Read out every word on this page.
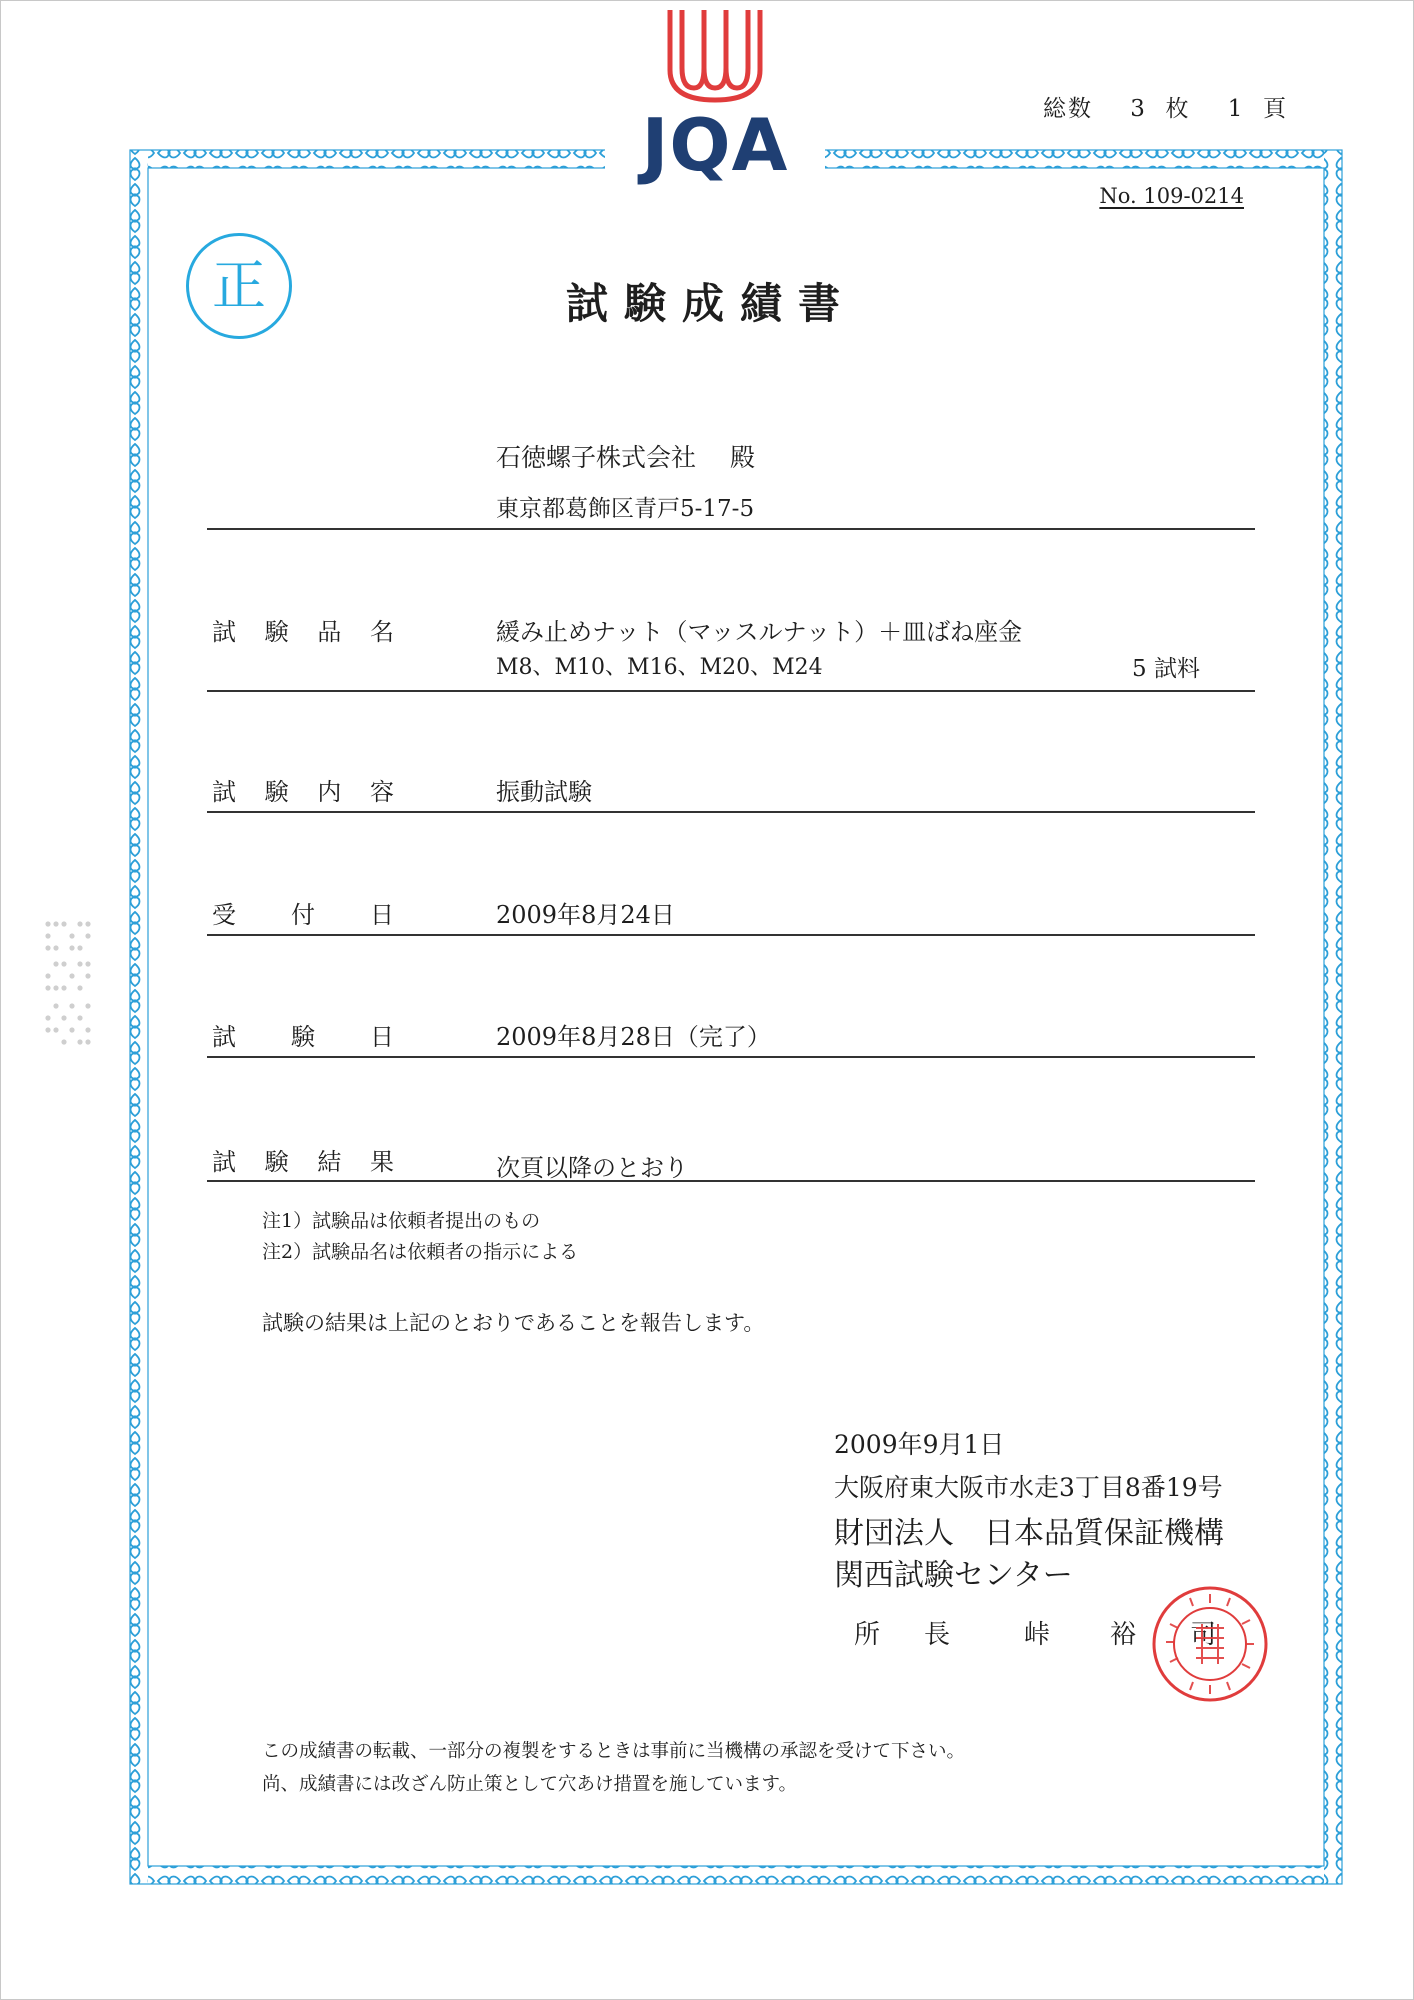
JQA	総数 3 枚 1 頁
No. 109-0214
正	試験成績書
石徳螺子株式会社 殿
東京都葛飾区青戸5-17-5
試 験 品 名	緩み止めナット（マッスルナット）＋皿ばね座金
M8、M10、M16、M20、M24	5 試料
試 験 内 容	振動試験
受 付 日	2009年8月24日
試 験 日	2009年8月28日（完了）
試 験 結 果	次頁以降のとおり
注1）試験品は依頼者提出のもの
注2）試験品名は依頼者の指示による
試験の結果は上記のとおりであることを報告します。
2009年9月1日
大阪府東大阪市水走3丁目8番19号
財団法人　日本品質保証機構
関西試験センター
所 長	峠 裕 司
この成績書の転載、一部分の複製をするときは事前に当機構の承認を受けて下さい。
尚、成績書には改ざん防止策として穴あけ措置を施しています。
